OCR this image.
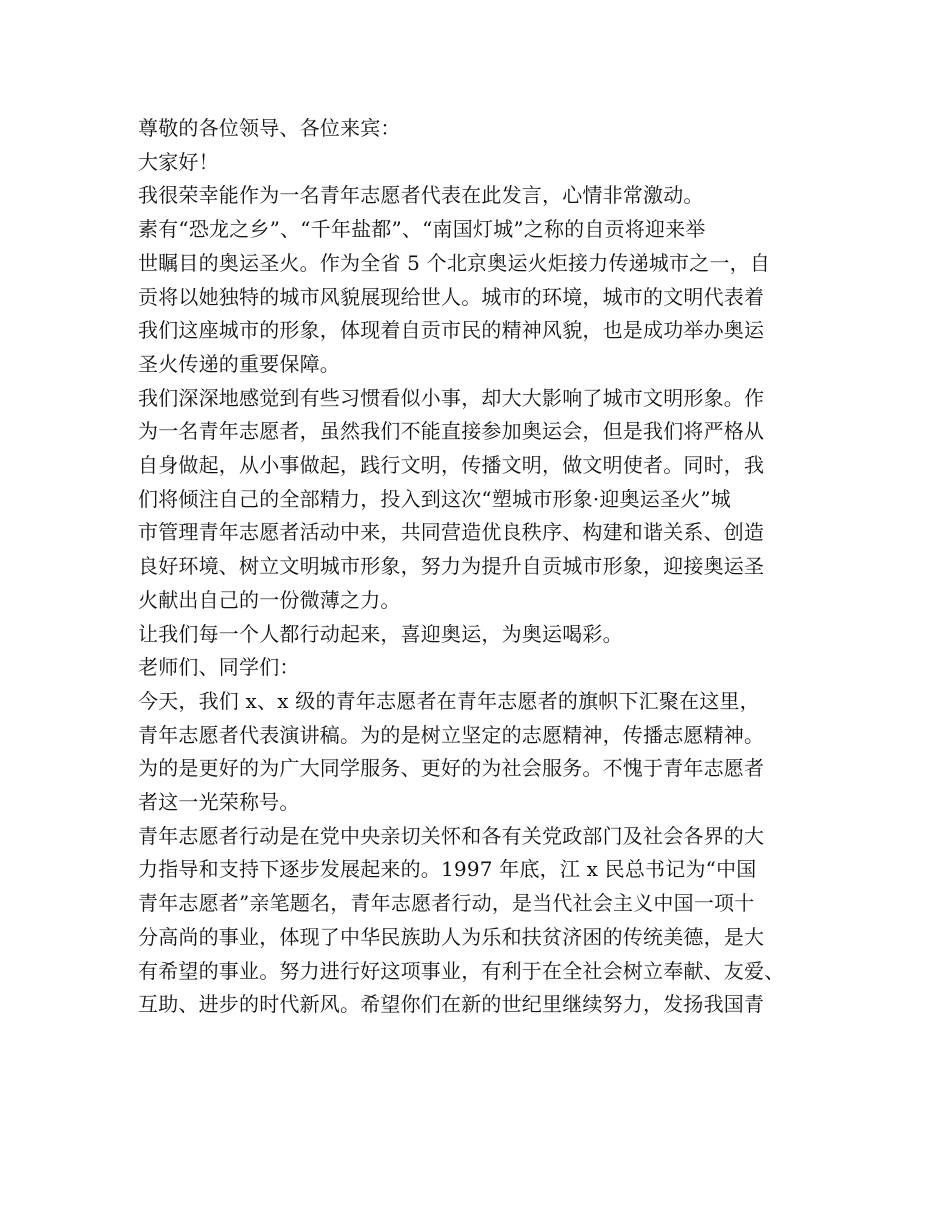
尊敬的各位领导、各位来宾：
大家好！
我很荣幸能作为一名青年志愿者代表在此发言，心情非常激动。
素有“恐龙之乡”、“千年盐都”、“南国灯城”之称的自贡将迎来举
世瞩目的奥运圣火。作为全省 5 个北京奥运火炬接力传递城市之一，自
贡将以她独特的城市风貌展现给世人。城市的环境，城市的文明代表着
我们这座城市的形象，体现着自贡市民的精神风貌，也是成功举办奥运
圣火传递的重要保障。
我们深深地感觉到有些习惯看似小事，却大大影响了城市文明形象。作
为一名青年志愿者，虽然我们不能直接参加奥运会，但是我们将严格从
自身做起，从小事做起，践行文明，传播文明，做文明使者。同时，我
们将倾注自己的全部精力，投入到这次“塑城市形象·迎奥运圣火”城
市管理青年志愿者活动中来，共同营造优良秩序、构建和谐关系、创造
良好环境、树立文明城市形象，努力为提升自贡城市形象，迎接奥运圣
火献出自己的一份微薄之力。
让我们每一个人都行动起来，喜迎奥运，为奥运喝彩。
老师们、同学们：
今天，我们 x、x 级的青年志愿者在青年志愿者的旗帜下汇聚在这里，
青年志愿者代表演讲稿。为的是树立坚定的志愿精神，传播志愿精神。
为的是更好的为广大同学服务、更好的为社会服务。不愧于青年志愿者
者这一光荣称号。
青年志愿者行动是在党中央亲切关怀和各有关党政部门及社会各界的大
力指导和支持下逐步发展起来的。1997 年底，江 x 民总书记为“中国
青年志愿者”亲笔题名，青年志愿者行动，是当代社会主义中国一项十
分高尚的事业，体现了中华民族助人为乐和扶贫济困的传统美德，是大
有希望的事业。努力进行好这项事业，有利于在全社会树立奉献、友爱、
互助、进步的时代新风。希望你们在新的世纪里继续努力，发扬我国青
